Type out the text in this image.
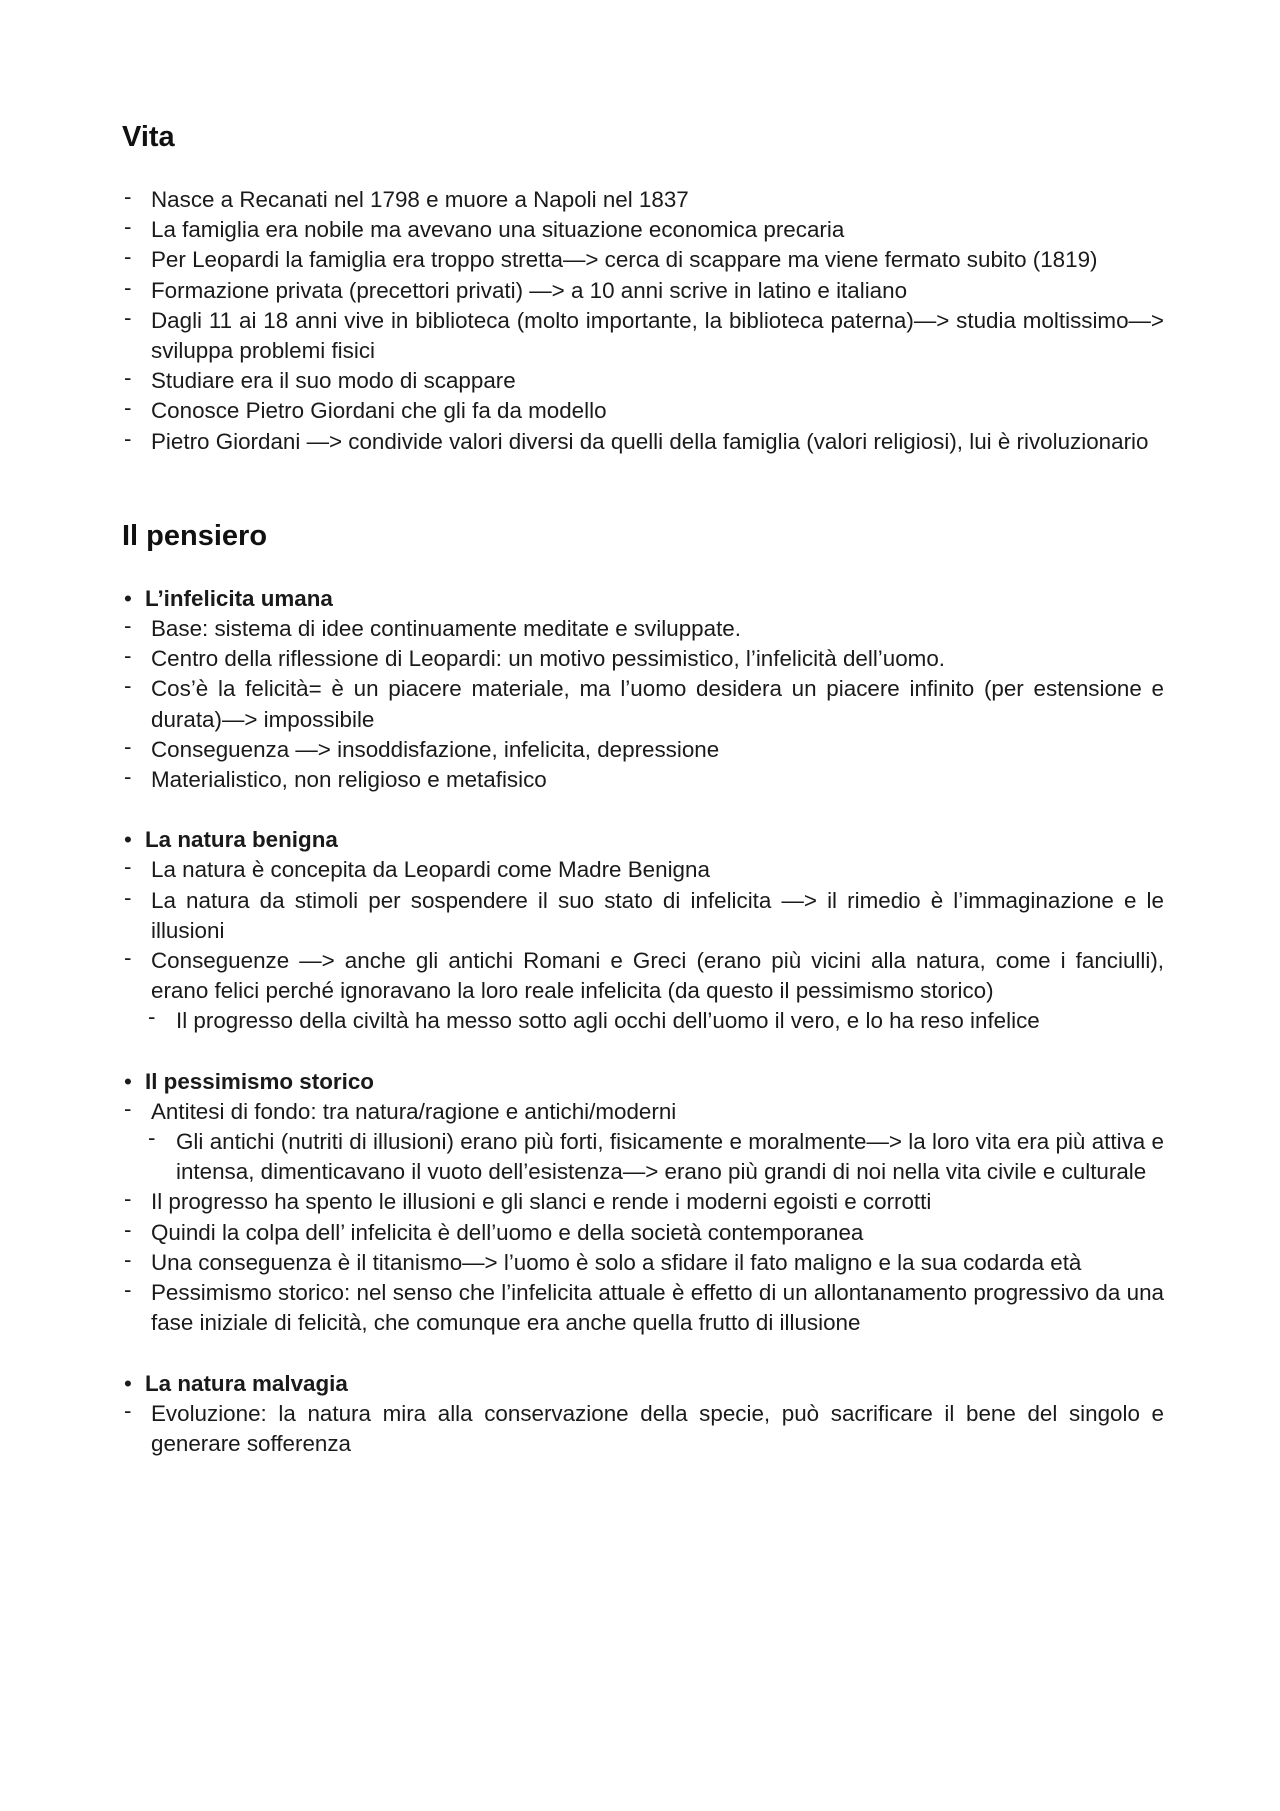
Vita
- Nasce a Recanati nel 1798 e muore a Napoli nel 1837
- La famiglia era nobile ma avevano una situazione economica precaria
- Per Leopardi la famiglia era troppo stretta—> cerca di scappare ma viene fermato subito (1819)
- Formazione privata (precettori privati) —> a 10 anni scrive in latino e italiano
- Dagli 11 ai 18 anni vive in biblioteca (molto importante, la biblioteca paterna)—> studia moltissimo—> sviluppa problemi fisici
- Studiare era il suo modo di scappare
- Conosce Pietro Giordani che gli fa da modello
- Pietro Giordani —> condivide valori diversi da quelli della famiglia (valori religiosi), lui è rivoluzionario
Il pensiero
• L’infelicita umana
- Base: sistema di idee continuamente meditate e sviluppate.
- Centro della riflessione di Leopardi: un motivo pessimistico, l’infelicità dell’uomo.
- Cos’è la felicità= è un piacere materiale, ma l’uomo desidera un piacere infinito (per estensione e durata)—> impossibile
- Conseguenza —> insoddisfazione, infelicita, depressione
- Materialistico, non religioso e metafisico
• La natura benigna
- La natura è concepita da Leopardi come Madre Benigna
- La natura da stimoli per sospendere il suo stato di infelicita —> il rimedio è l’immaginazione e le illusioni
- Conseguenze —> anche gli antichi Romani e Greci (erano più vicini alla natura, come i fanciulli), erano felici perché ignoravano la loro reale infelicita (da questo il pessimismo storico)
- Il progresso della civiltà ha messo sotto agli occhi dell’uomo il vero, e lo ha reso infelice
• Il pessimismo storico
- Antitesi di fondo: tra natura/ragione e antichi/moderni
- Gli antichi (nutriti di illusioni) erano più forti, fisicamente e moralmente—> la loro vita era più attiva e intensa, dimenticavano il vuoto dell’esistenza—> erano più grandi di noi nella vita civile e culturale
- Il progresso ha spento le illusioni e gli slanci e rende i moderni egoisti e corrotti
- Quindi la colpa dell’ infelicita è dell’uomo e della società contemporanea
- Una conseguenza è il titanismo—> l’uomo è solo a sfidare il fato maligno e la sua codarda età
- Pessimismo storico: nel senso che l’infelicita attuale è effetto di un allontanamento progressivo da una fase iniziale di felicità, che comunque era anche quella frutto di illusione
• La natura malvagia
- Evoluzione: la natura mira alla conservazione della specie, può sacrificare il bene del singolo e generare sofferenza
